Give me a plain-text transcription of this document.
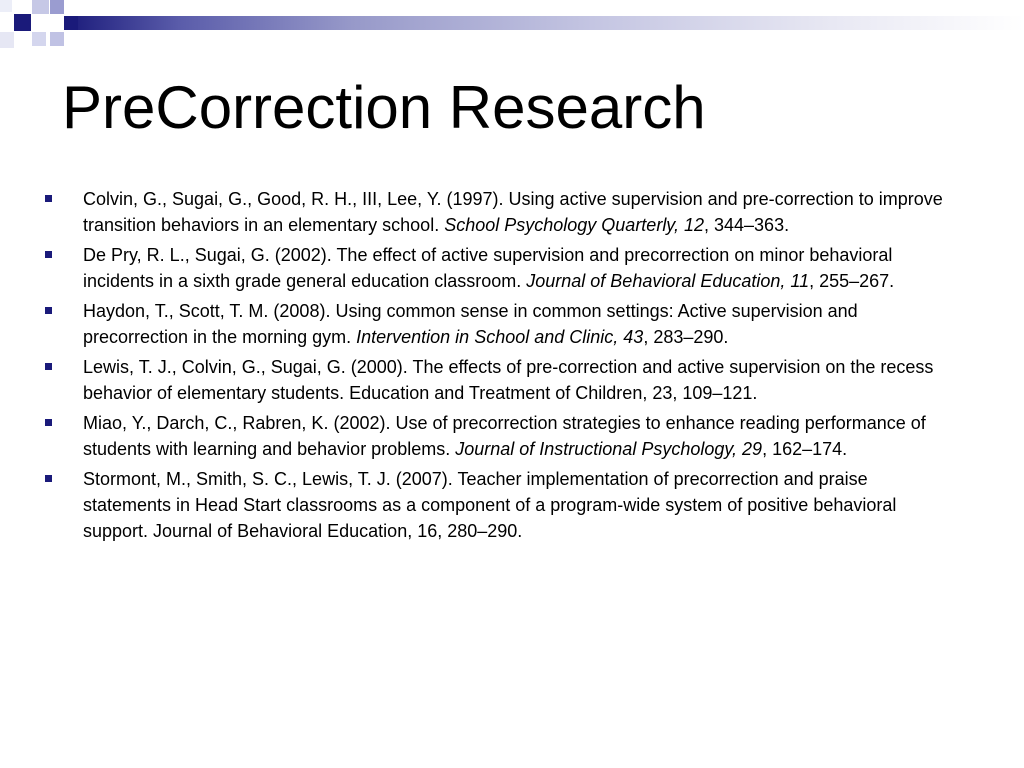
PreCorrection Research
Colvin, G., Sugai, G., Good, R. H., III, Lee, Y. (1997). Using active supervision and pre-correction to improve transition behaviors in an elementary school. School Psychology Quarterly, 12, 344–363.
De Pry, R. L., Sugai, G. (2002). The effect of active supervision and precorrection on minor behavioral incidents in a sixth grade general education classroom. Journal of Behavioral Education, 11, 255–267.
Haydon, T., Scott, T. M. (2008). Using common sense in common settings: Active supervision and precorrection in the morning gym. Intervention in School and Clinic, 43, 283–290.
Lewis, T. J., Colvin, G., Sugai, G. (2000). The effects of pre-correction and active supervision on the recess behavior of elementary students. Education and Treatment of Children, 23, 109–121.
Miao, Y., Darch, C., Rabren, K. (2002). Use of precorrection strategies to enhance reading performance of students with learning and behavior problems. Journal of Instructional Psychology, 29, 162–174.
Stormont, M., Smith, S. C., Lewis, T. J. (2007). Teacher implementation of precorrection and praise statements in Head Start classrooms as a component of a program-wide system of positive behavioral support. Journal of Behavioral Education, 16, 280–290.
